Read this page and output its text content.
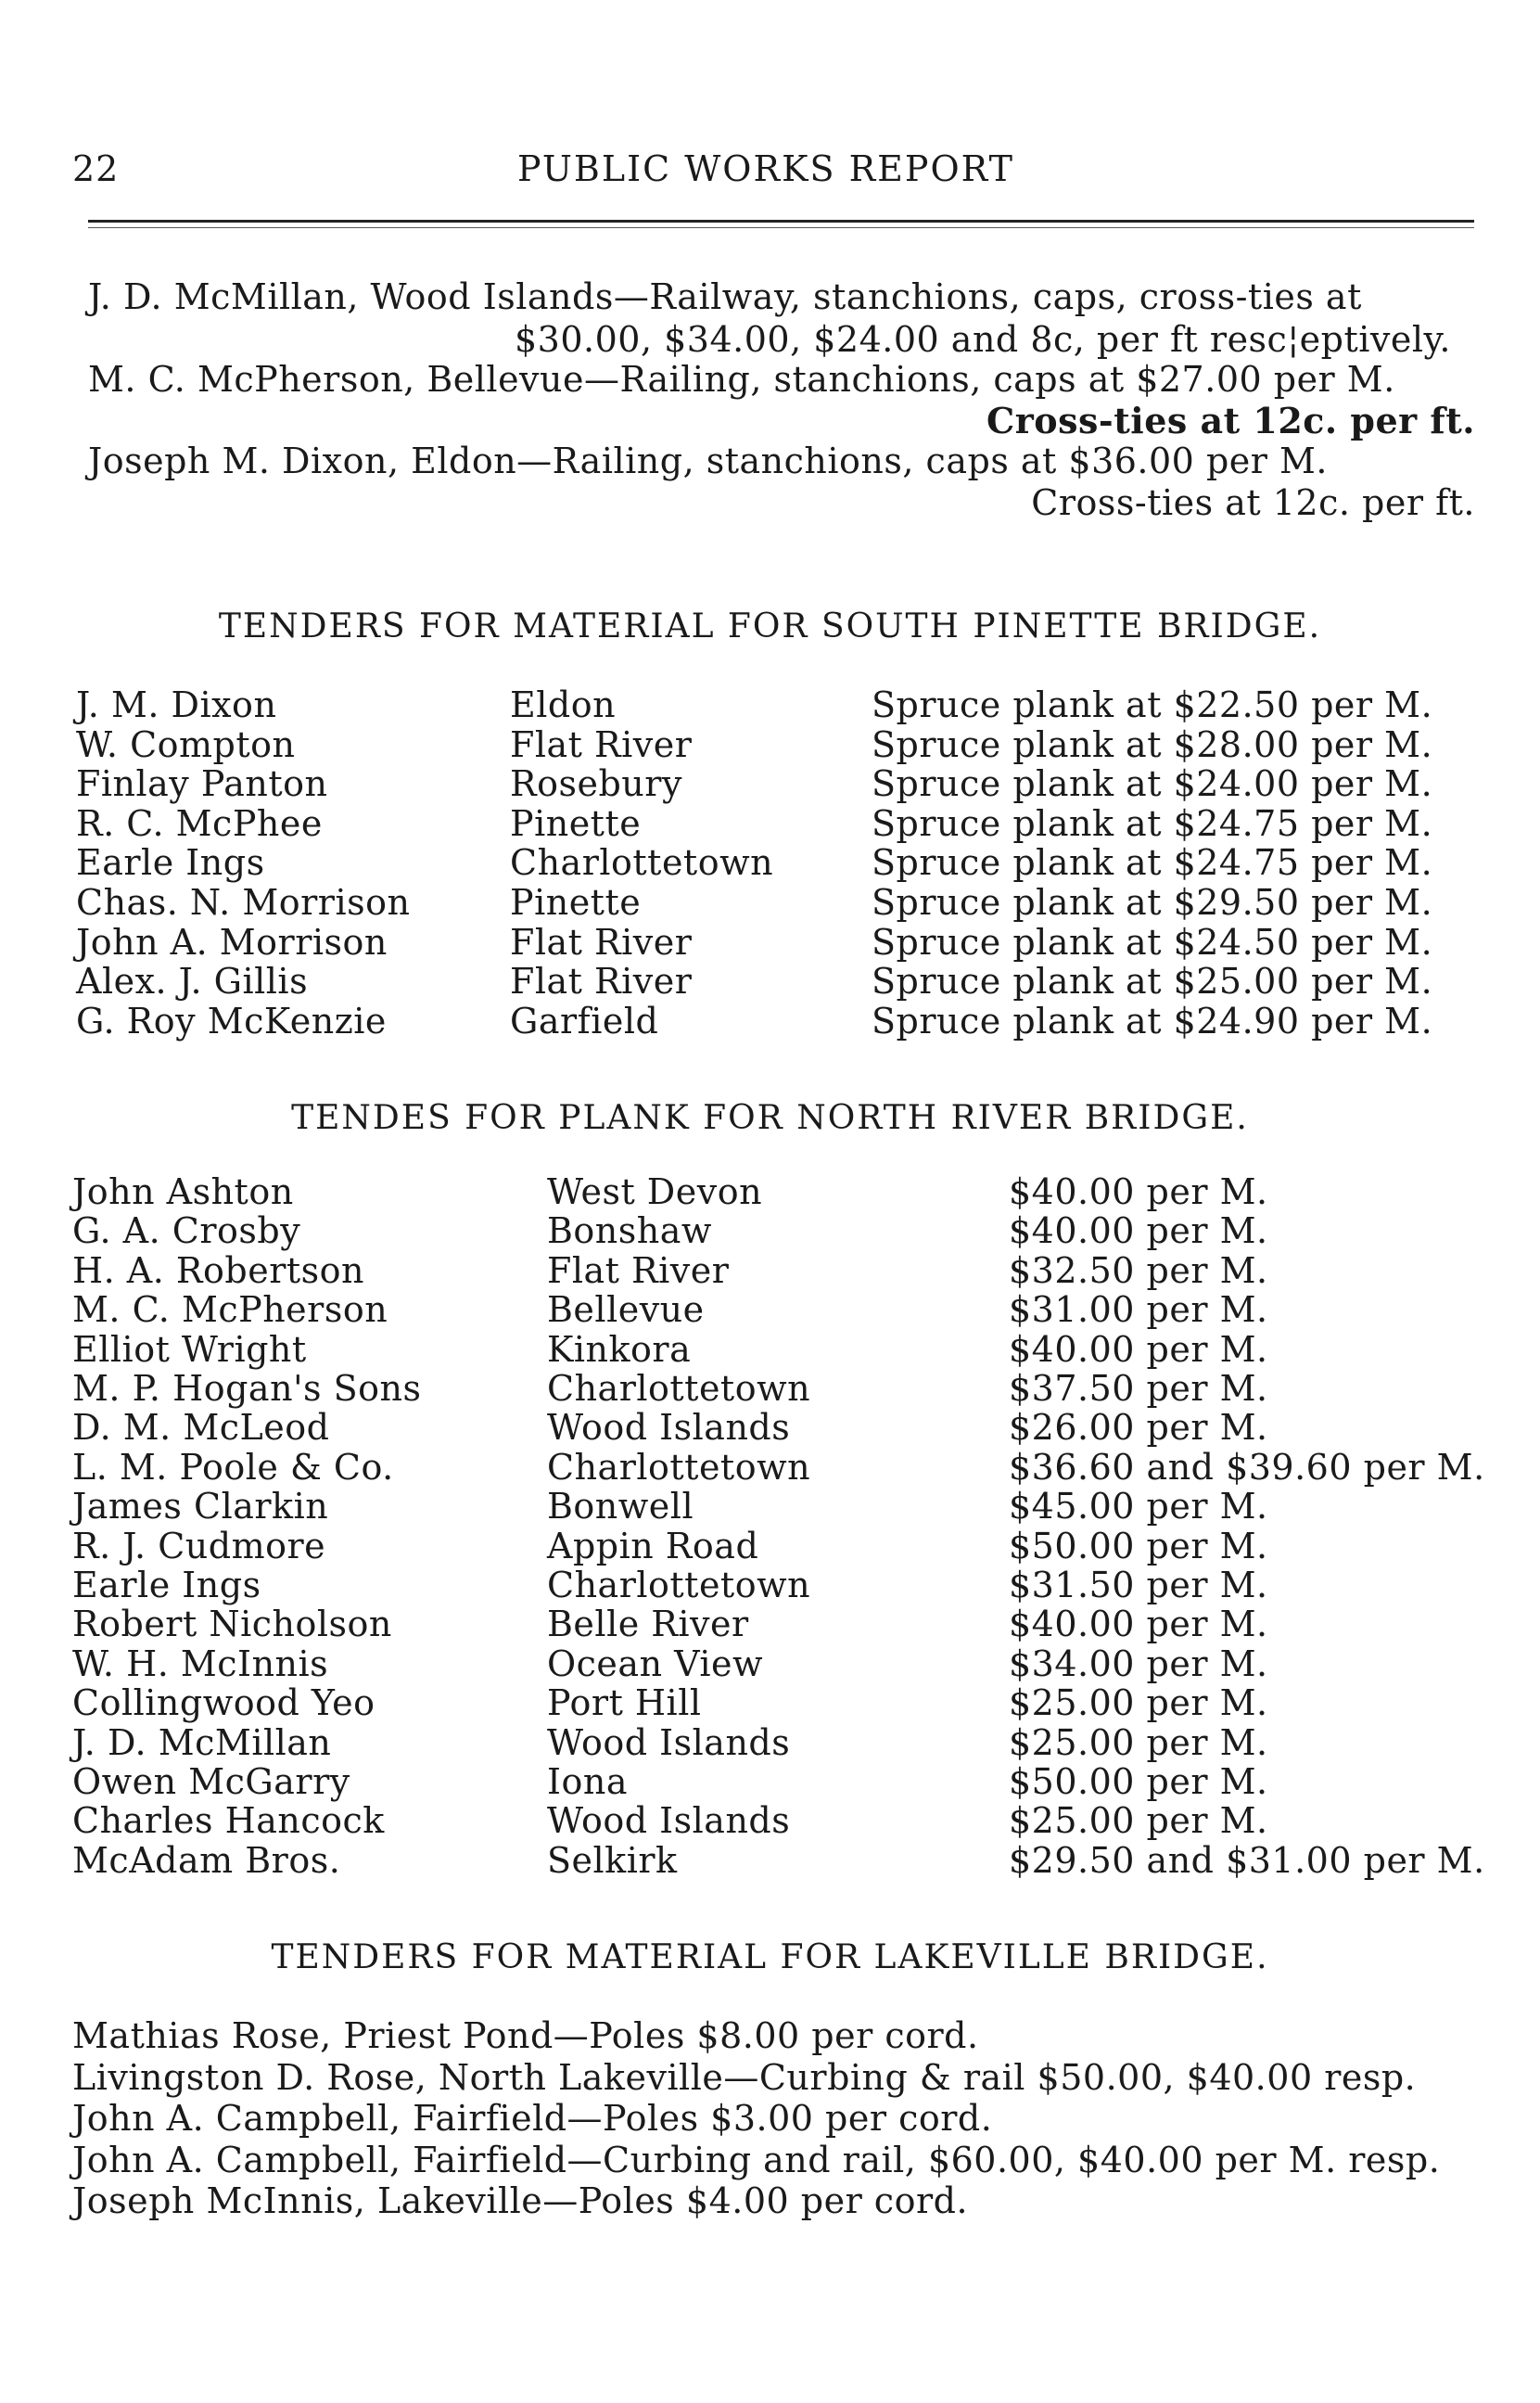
22	PUBLIC WORKS REPORT
J. D. McMillan, Wood Islands—Railway, stanchions, caps, cross-ties at
$30.00, $34.00, $24.00 and 8c, per ft resc¦eptively.
M. C. McPherson, Bellevue—Railing, stanchions, caps at $27.00 per M.
Cross-ties at 12c. per ft.
Joseph M. Dixon, Eldon—Railing, stanchions, caps at $36.00 per M.
Cross-ties at 12c. per ft.
TENDERS FOR MATERIAL FOR SOUTH PINETTE BRIDGE.
J. M. Dixon	Eldon	Spruce plank at $22.50 per M.
W. Compton	Flat River	Spruce plank at $28.00 per M.
Finlay Panton	Rosebury	Spruce plank at $24.00 per M.
R. C. McPhee	Pinette	Spruce plank at $24.75 per M.
Earle Ings	Charlottetown	Spruce plank at $24.75 per M.
Chas. N. Morrison	Pinette	Spruce plank at $29.50 per M.
John A. Morrison	Flat River	Spruce plank at $24.50 per M.
Alex. J. Gillis	Flat River	Spruce plank at $25.00 per M.
G. Roy McKenzie	Garfield	Spruce plank at $24.90 per M.
TENDES FOR PLANK FOR NORTH RIVER BRIDGE.
John Ashton	West Devon	$40.00 per M.
G. A. Crosby	Bonshaw	$40.00 per M.
H. A. Robertson	Flat River	$32.50 per M.
M. C. McPherson	Bellevue	$31.00 per M.
Elliot Wright	Kinkora	$40.00 per M.
M. P. Hogan's Sons	Charlottetown	$37.50 per M.
D. M. McLeod	Wood Islands	$26.00 per M.
L. M. Poole & Co.	Charlottetown	$36.60 and $39.60 per M.
James Clarkin	Bonwell	$45.00 per M.
R. J. Cudmore	Appin Road	$50.00 per M.
Earle Ings	Charlottetown	$31.50 per M.
Robert Nicholson	Belle River	$40.00 per M.
W. H. McInnis	Ocean View	$34.00 per M.
Collingwood Yeo	Port Hill	$25.00 per M.
J. D. McMillan	Wood Islands	$25.00 per M.
Owen McGarry	Iona	$50.00 per M.
Charles Hancock	Wood Islands	$25.00 per M.
McAdam Bros.	Selkirk	$29.50 and $31.00 per M.
TENDERS FOR MATERIAL FOR LAKEVILLE BRIDGE.
Mathias Rose, Priest Pond—Poles $8.00 per cord.
Livingston D. Rose, North Lakeville—Curbing & rail $50.00, $40.00 resp.
John A. Campbell, Fairfield—Poles $3.00 per cord.
John A. Campbell, Fairfield—Curbing and rail, $60.00, $40.00 per M. resp.
Joseph McInnis, Lakeville—Poles $4.00 per cord.
